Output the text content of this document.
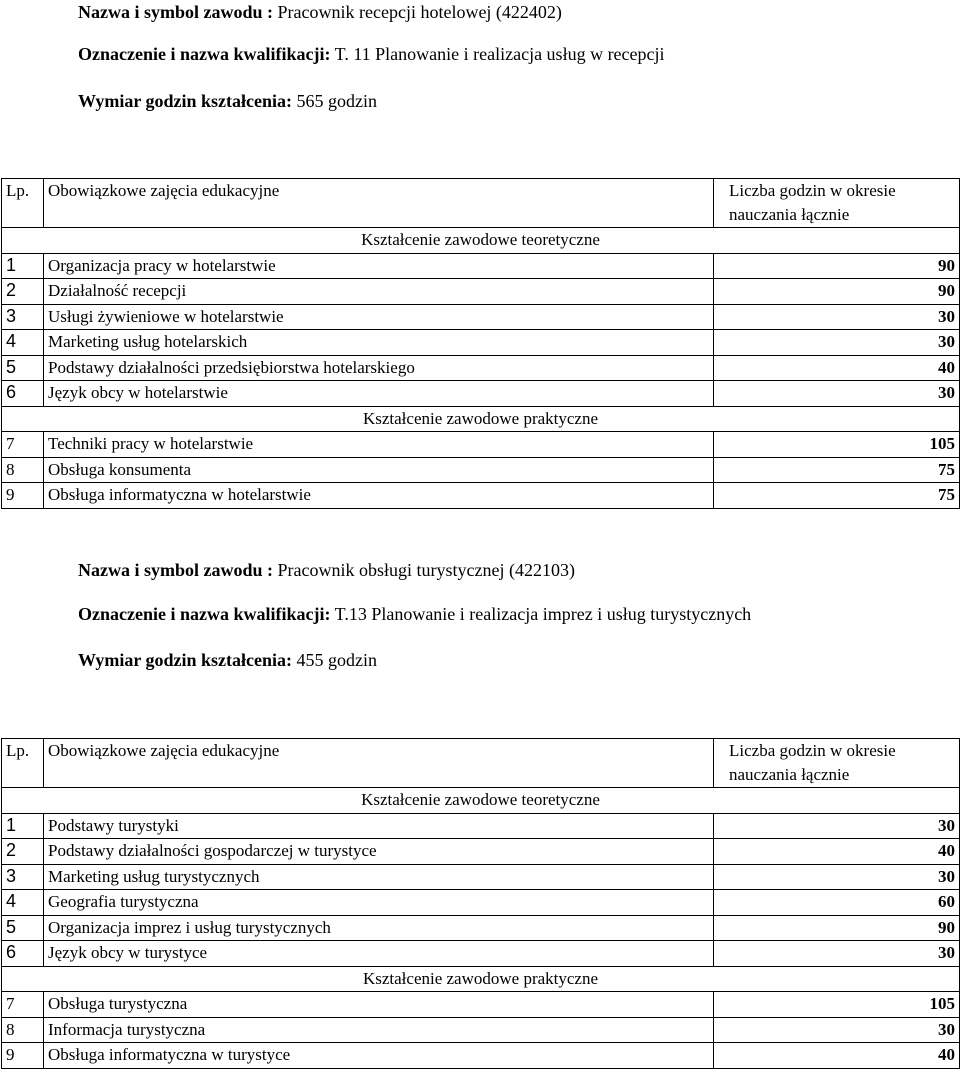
Nazwa i symbol zawodu : Pracownik recepcji hotelowej (422402)
Oznaczenie i nazwa kwalifikacji: T. 11 Planowanie i realizacja usług w recepcji
Wymiar godzin kształcenia: 565 godzin
Lp.	Obowiązkowe zajęcia edukacyjne	Liczba godzin w okresie nauczania łącznie
Kształcenie zawodowe teoretyczne		
1	Organizacja pracy w hotelarstwie	90
2	Działalność recepcji	90
3	Usługi żywieniowe w hotelarstwie	30
4	Marketing usług hotelarskich	30
5	Podstawy działalności przedsiębiorstwa hotelarskiego	40
6	Język obcy w hotelarstwie	30
Kształcenie zawodowe praktyczne		
7	Techniki pracy w hotelarstwie	105
8	Obsługa konsumenta	75
9	Obsługa informatyczna w hotelarstwie	75
Nazwa i symbol zawodu : Pracownik obsługi turystycznej (422103)
Oznaczenie i nazwa kwalifikacji: T.13 Planowanie i realizacja imprez i usług turystycznych
Wymiar godzin kształcenia: 455 godzin
Lp.	Obowiązkowe zajęcia edukacyjne	Liczba godzin w okresie nauczania łącznie
Kształcenie zawodowe teoretyczne		
1	Podstawy turystyki	30
2	Podstawy działalności gospodarczej w turystyce	40
3	Marketing usług turystycznych	30
4	Geografia turystyczna	60
5	Organizacja imprez i usług turystycznych	90
6	Język obcy w turystyce	30
Kształcenie zawodowe praktyczne		
7	Obsługa turystyczna	105
8	Informacja turystyczna	30
9	Obsługa informatyczna w turystyce	40
